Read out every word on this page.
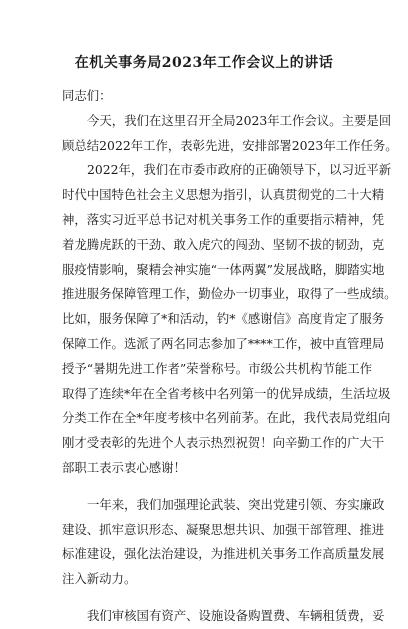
在机关事务局2023年工作会议上的讲话
同志们：
今天，我们在这里召开全局2023年工作会议。主要是回
顾总结2022年工作，表彰先进，安排部署2023年工作任务。
2022年，我们在市委市政府的正确领导下，以习近平新
时代中国特色社会主义思想为指引，认真贯彻党的二十大精
神，落实习近平总书记对机关事务工作的重要指示精神，凭
着龙腾虎跃的干劲、敢入虎穴的闯劲、坚韧不拔的韧劲，克
服疫情影响，聚精会神实施“一体两翼”发展战略，脚踏实地
推进服务保障管理工作，勤俭办一切事业，取得了一些成绩。
比如，服务保障了*和活动，钓*《感谢信》高度肯定了服务
保障工作。选派了两名同志参加了****工作，被中直管理局
授予“暑期先进工作者”荣誉称号。市级公共机构节能工作
取得了连续*年在全省考核中名列第一的优异成绩，生活垃圾
分类工作在全*年度考核中名列前茅。在此，我代表局党组向
刚才受表彰的先进个人表示热烈祝贺！向辛勤工作的广大干
部职工表示衷心感谢！
一年来，我们加强理论武装、突出党建引领、夯实廉政
建设、抓牢意识形态、凝聚思想共识、加强干部管理、推进
标准建设，强化法治建设，为推进机关事务工作高质量发展
注入新动力。
我们审核国有资产、设施设备购置费、车辆租赁费，妥
